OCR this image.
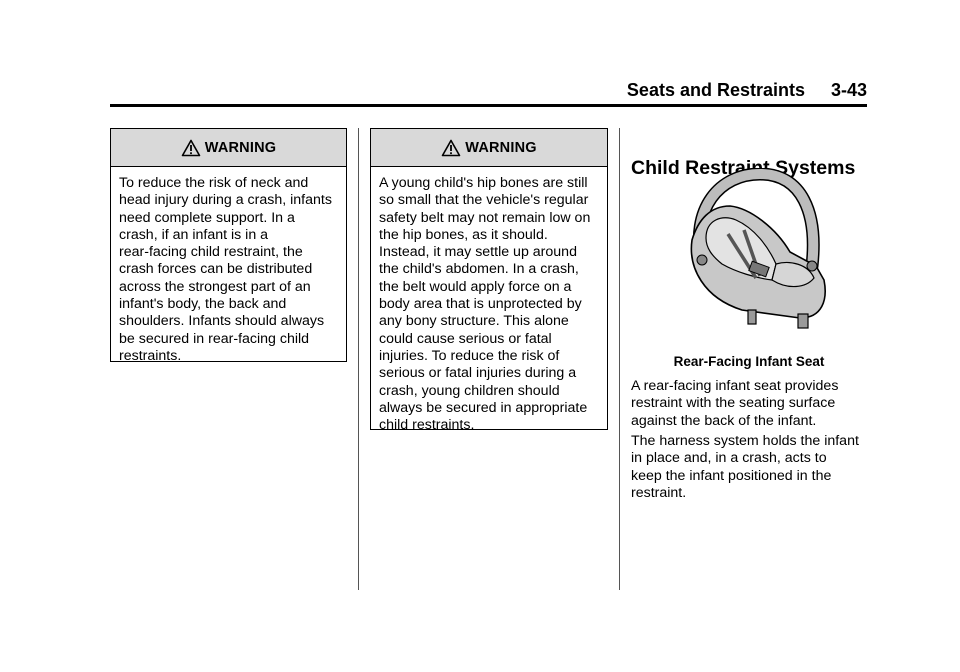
Seats and Restraints 3-43
WARNING
To reduce the risk of neck and
head injury during a crash, infants
need complete support. In a
crash, if an infant is in a
rear-facing child restraint, the
crash forces can be distributed
across the strongest part of an
infant's body, the back and
shoulders. Infants should always
be secured in rear-facing child
restraints.
WARNING
A young child's hip bones are still
so small that the vehicle's regular
safety belt may not remain low on
the hip bones, as it should.
Instead, it may settle up around
the child's abdomen. In a crash,
the belt would apply force on a
body area that is unprotected by
any bony structure. This alone
could cause serious or fatal
injuries. To reduce the risk of
serious or fatal injuries during a
crash, young children should
always be secured in appropriate
child restraints.
Child Restraint Systems
Rear-Facing Infant Seat
A rear-facing infant seat provides
restraint with the seating surface
against the back of the infant.
The harness system holds the infant
in place and, in a crash, acts to
keep the infant positioned in the
restraint.
